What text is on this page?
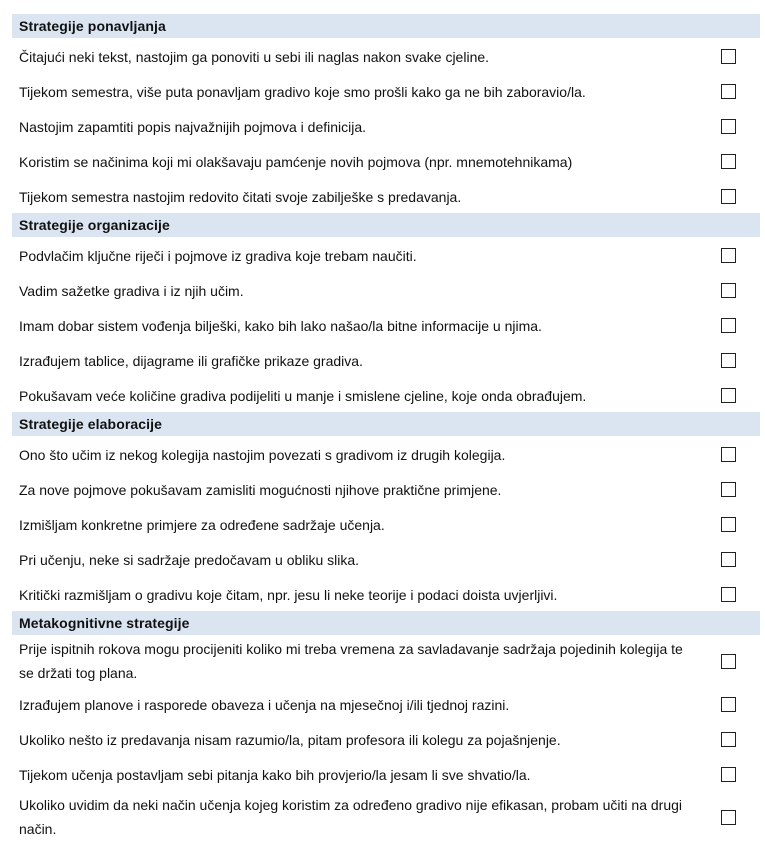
Strategije ponavljanja
Čitajući neki tekst, nastojim ga ponoviti u sebi ili naglas nakon svake cjeline.
Tijekom semestra, više puta ponavljam gradivo koje smo prošli kako ga ne bih zaboravio/la.
Nastojim zapamtiti popis najvažnijih pojmova i definicija.
Koristim se načinima koji mi olakšavaju pamćenje novih pojmova (npr. mnemotehnikama)
Tijekom semestra nastojim redovito čitati svoje zabilješke s predavanja.
Strategije organizacije
Podvlačim ključne riječi i pojmove iz gradiva koje trebam naučiti.
Vadim sažetke gradiva i iz njih učim.
Imam dobar sistem vođenja bilješki, kako bih lako našao/la bitne informacije u njima.
Izrađujem tablice, dijagrame ili grafičke prikaze gradiva.
Pokušavam veće količine gradiva podijeliti u manje i smislene cjeline, koje onda obrađujem.
Strategije elaboracije
Ono što učim iz nekog kolegija nastojim povezati s gradivom iz drugih kolegija.
Za nove pojmove pokušavam zamisliti mogućnosti njihove praktične primjene.
Izmišljam konkretne primjere za određene sadržaje učenja.
Pri učenju, neke si sadržaje predočavam u obliku slika.
Kritički razmišljam o gradivu koje čitam, npr. jesu li neke teorije i podaci doista uvjerljivi.
Metakognitivne strategije
Prije ispitnih rokova mogu procijeniti koliko mi treba vremena za savladavanje sadržaja pojedinih kolegija te se držati tog plana.
Izrađujem planove i rasporede obaveza i učenja na mjesečnoj i/ili tjednoj razini.
Ukoliko nešto iz predavanja nisam razumio/la, pitam profesora ili kolegu za pojašnjenje.
Tijekom učenja postavljam sebi pitanja kako bih provjerio/la jesam li sve shvatio/la.
Ukoliko uvidim da neki način učenja kojeg koristim za određeno gradivo nije efikasan, probam učiti na drugi način.
